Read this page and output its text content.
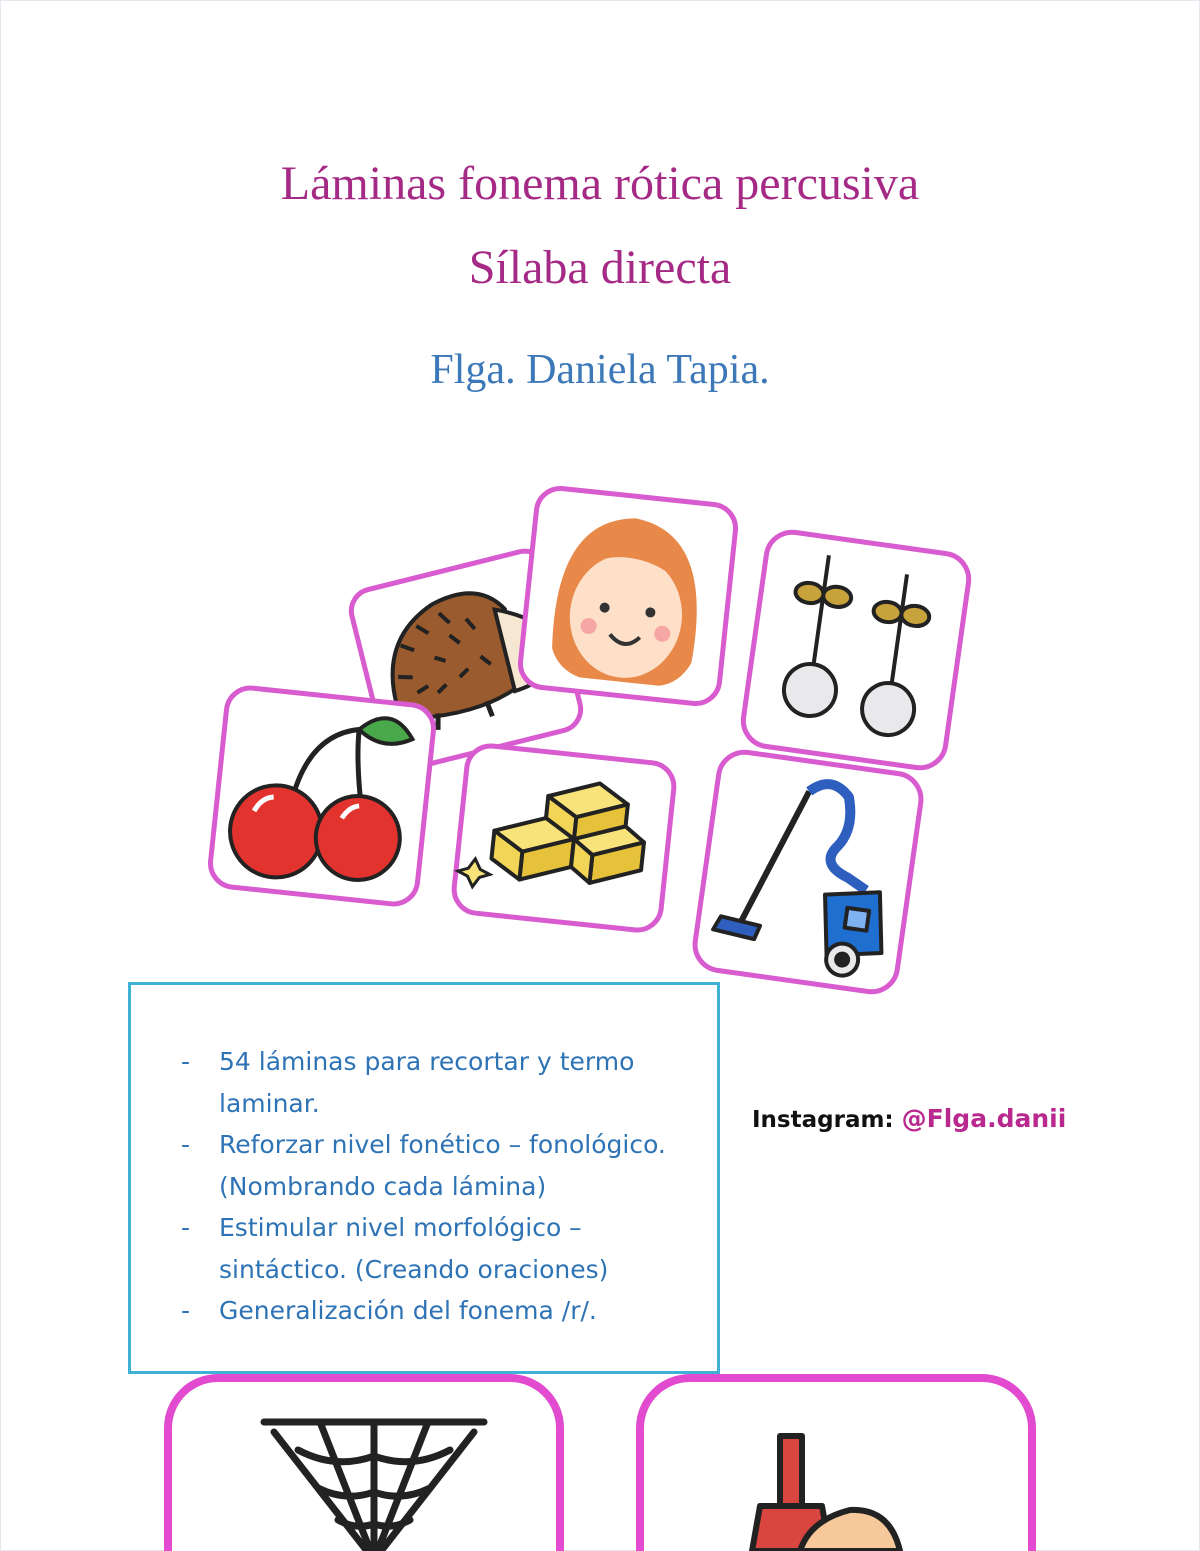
Láminas fonema rótica percusiva
Sílaba directa
Flga. Daniela Tapia.
- 54 láminas para recortar y termo laminar.
- Reforzar nivel fonético – fonológico. (Nombrando cada lámina)
- Estimular nivel morfológico – sintáctico. (Creando oraciones)
- Generalización del fonema /r/.
Instagram: @Flga.danii
